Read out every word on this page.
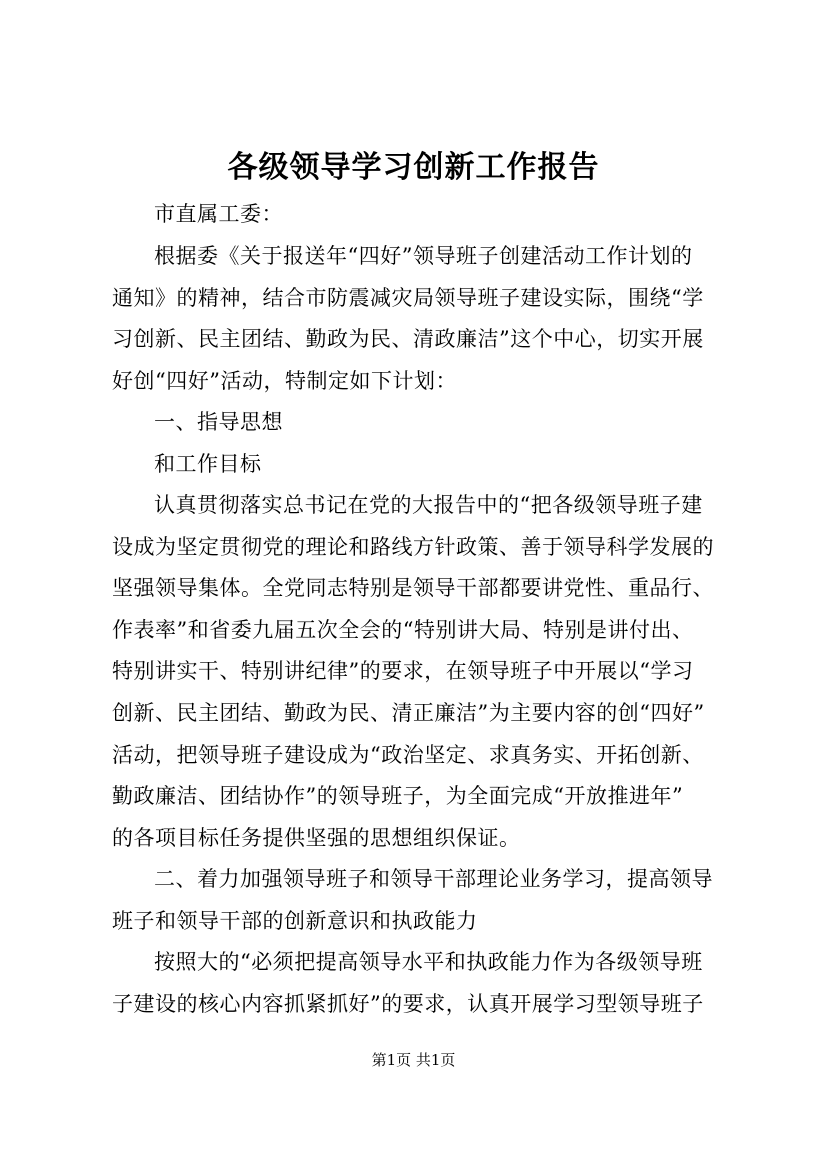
各级领导学习创新工作报告
市直属工委：
根据委《关于报送年“四好”领导班子创建活动工作计划的
通知》的精神，结合市防震减灾局领导班子建设实际，围绕“学
习创新、民主团结、勤政为民、清政廉洁”这个中心，切实开展
好创“四好”活动，特制定如下计划：
一、指导思想
和工作目标
认真贯彻落实总书记在党的大报告中的“把各级领导班子建
设成为坚定贯彻党的理论和路线方针政策、善于领导科学发展的
坚强领导集体。全党同志特别是领导干部都要讲党性、重品行、
作表率”和省委九届五次全会的“特别讲大局、特别是讲付出、
特别讲实干、特别讲纪律”的要求，在领导班子中开展以“学习
创新、民主团结、勤政为民、清正廉洁”为主要内容的创“四好”
活动，把领导班子建设成为“政治坚定、求真务实、开拓创新、
勤政廉洁、团结协作”的领导班子，为全面完成“开放推进年”
的各项目标任务提供坚强的思想组织保证。
二、着力加强领导班子和领导干部理论业务学习，提高领导
班子和领导干部的创新意识和执政能力
按照大的“必须把提高领导水平和执政能力作为各级领导班
子建设的核心内容抓紧抓好”的要求，认真开展学习型领导班子
第1页 共1页
